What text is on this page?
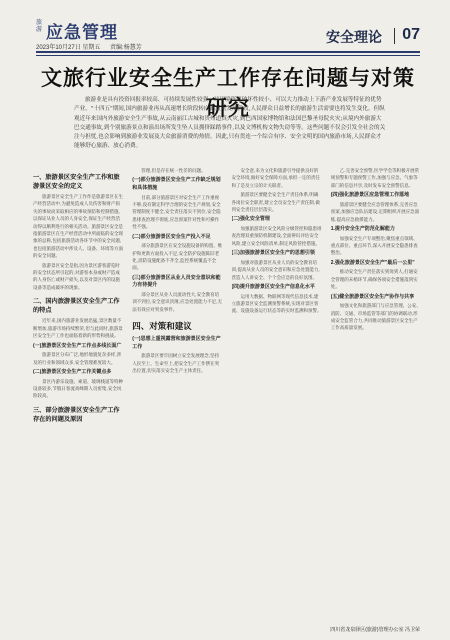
旅游 应急管理
2023年10月27日 星期五 责编:杨慧芳
安全理论 07
文旅行业安全生产工作存在问题与对策研究
旅游业是具有投资回报率较高、可持续发展性较强、对环境资源破坏性较小、可以大力推动上下游产业发展等特征的优势产业。"十四五"期间,国内旅游业再从高速增长阶段转向高质量发展阶段,人民群众日益增长的旅游生活需要也将发生变化。但纵观近年来国内外旅游安全生产事故,从云南丽江古城和贵州道真火灾,到巴西国家博物馆和法国巴黎圣母院火灾;从境内外旅游大巴交通事故,到个别旅游景点和演出场所发生坠人员拥挤踩踏事件,以及文博机构文物失窃等等。这些问题不仅会引发全社会的关注与担忧,也会影响到旅游业发展及大众旅游消费的热情。因此,只有贯连一个综合有序、安全文明的国内旅游市场,人民群众才能够舒心旅游、放心消费。
一、旅游景区安全生产工作和旅游景区安全的定义

旅游景区安全生产工作作是旅游景区在生产经营活动中,为避免造成人员伤害和财产损失的事故而采取相应的事故预防和控制措施,以保证从业人员的人身安全,保证生产经营活动得以顺利进行的相关活动。旅游景区安全是指旅游景区在生产经营活动中所面临的安全现象的总称,包括旅游活动各环节中的安全问题,也包括旅游活动中涉及人、设备、环境等方面的安全问题。

旅游景区安全是指,因为景区游客游览时的安全状态所引起的,对游客本身或财产造成的人身伤亡或财产损失,以及对景区内的设施设备等造成破坏的现象。

二、国内旅游景区安全生产工作的特点

近年来,国内旅游业发展迅猛,景区数量不断增加,旅游市场持续繁荣,但与此同时,旅游景区安全生产工作也面临着新的形势和挑战。

(一)旅游景区安全生产工作点多线长面广

旅游景区分布广泛,地形地貌复杂多样,涉及的行业和领域众多,安全管理难度较大。

(二)旅游景区安全生产工作关键点多

景区内游乐设施、索道、玻璃栈道等特种设备较多,节假日客流高峰期人员密集,安全风险较高。

三、部分旅游景区安全生产工作存在的问题及原因

管理,但是存在统一性差的问题。

(一)部分旅游景区安全生产工作缺乏规划和具体措施

目前,部分旅游景区对安全生产工作重视不够,没有制定科学合理的安全生产规划,安全管理制度不健全,安全责任落实不到位,安全隐患排查治理不彻底,应急预案针对性和可操作性不强。

(二)部分旅游景区安全生产投入不足

部分旅游景区在安全设施设备的购置、维护和更新方面投入不足,安全防护设施陈旧老化,消防设施配备不齐全,监控系统覆盖不全面。

(三)部分旅游景区从业人员安全意识和能力有待提升

部分景区从业人员流动性大,安全教育培训不到位,安全意识淡薄,应急处置能力不足,无法有效应对突发事件。

四、对策和建议
(一)思想上重视露营和旅游景区安全生产工作

旅游景区要牢固树立安全发展理念,坚持人民至上、生命至上,把安全生产工作摆在突出位置,切实落实安全生产主体责任。

安全意,来为文化和旅游引导提供良好的安全环境,做好安全保障方面,承担一定的责任和了是及立宗的计关联者。

旅游景区要健全安全生产责任体系,明确各岗位安全职责,建立全员安全生产责任制,做到安全责任层层落实。

(二)强化安全管理

加强旅游景区安全风险分级管控和隐患排查治理双重预防机制建设,全面辨识评估安全风险,建立安全风险清单,制定风险管控措施。

(三)加强旅游景区安全生产的思想引领

加强对旅游景区从业人员的安全教育培训,提高从业人员的安全意识和应急处置能力,营造人人讲安全、个个会应急的良好氛围。

(四)提升旅游景区安全生产信息化水平

运用大数据、物联网等现代信息技术,建立旅游景区安全监测预警系统,实现对景区客流、设施设备运行状态等的实时监测和预警。

乙.完善安全预警,医学学会等积极开展常规预警和专题预警工作,加强与应急、气象等部门的信息共享,及时发布安全预警信息。

(四)强化旅游景区应急管理工作落地

旅游景区要健全应急管理体系,完善应急预案,加强应急队伍建设,定期组织开展应急演练,提高应急救援能力。

1.提升安全生产防范化解能力

加强安全生产专项整治,聚焦重点领域、重点部位、重点环节,深入开展安全隐患排查整治。

2.强化旅游景区安全生产"最后一公里"

推动安全生产责任落实到岗到人,打通安全管理的末梢环节,确保各项安全措施落到实处。

(五)健全旅游景区安全生产协作与共享

加强文化和旅游部门与应急管理、公安、消防、交通、市场监管等部门的协调联动,形成安全监管合力,共同推动旅游景区安全生产工作高质量发展。

四川省龙泉驿区(旅游)管理办公室 冯卫荣
